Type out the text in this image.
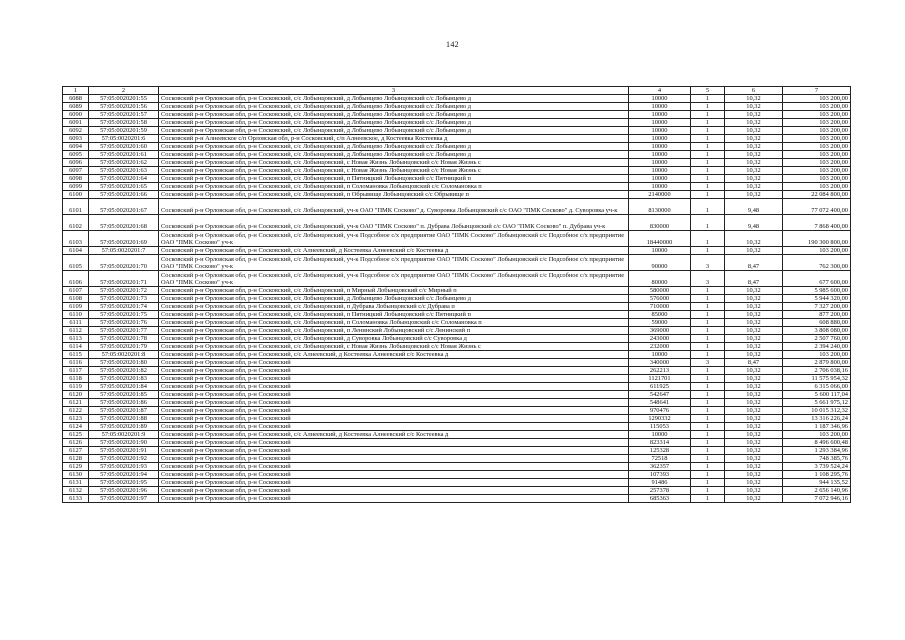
142
1	2	3	4	5	6	7
6088	57:05:0020201:55	Сосковский р-н Орловская обл, р-н Сосковский, с/с Лобынцовский, д Лобынцево Лобынцовский с/с Лобынцево д	10000	1	10,32	103 200,00
6089	57:05:0020201:56	Сосковский р-н Орловская обл, р-н Сосковский, с/с Лобынцовский, д Лобынцево Лобынцовский с/с Лобынцево д	10000	1	10,32	103 200,00
6090	57:05:0020201:57	Сосковский р-н Орловская обл, р-н Сосковский, с/с Лобынцовский, д Лобынцево Лобынцовский с/с Лобынцево д	10000	1	10,32	103 200,00
6091	57:05:0020201:58	Сосковский р-н Орловская обл, р-н Сосковский, с/с Лобынцовский, д Лобынцево Лобынцовский с/с Лобынцево д	10000	1	10,32	103 200,00
6092	57:05:0020201:59	Сосковский р-н Орловская обл, р-н Сосковский, с/с Лобынцовский, д Лобынцево Лобынцовский с/с Лобынцево д	10000	1	10,32	103 200,00
6093	57:05:0020201:6	Сосковский р-н Алнеевское с/п Орловская обл, р-н Сосковский, с/п Алнеевское, д Костеевка Костеевка д	10000	1	10,32	103 200,00
6094	57:05:0020201:60	Сосковский р-н Орловская обл, р-н Сосковский, с/с Лобынцовский, д Лобынцево Лобынцовский с/с Лобынцево д	10000	1	10,32	103 200,00
6095	57:05:0020201:61	Сосковский р-н Орловская обл, р-н Сосковский, с/с Лобынцовский, д Лобынцево Лобынцовский с/с Лобынцево д	10000	1	10,32	103 200,00
6096	57:05:0020201:62	Сосковский р-н Орловская обл, р-н Сосковский, с/с Лобынцовский, с Новая Жизнь Лобынцовский с/с Новая Жизнь с	10000	1	10,32	103 200,00
6097	57:05:0020201:63	Сосковский р-н Орловская обл, р-н Сосковский, с/с Лобынцовский, с Новая Жизнь Лобынцовский с/с Новая Жизнь с	10000	1	10,32	103 200,00
6098	57:05:0020201:64	Сосковский р-н Орловская обл, р-н Сосковский, с/с Лобынцовский, п Пятницкий Лобынцовский с/с Пятницкий п	10000	1	10,32	103 200,00
6099	57:05:0020201:65	Сосковский р-н Орловская обл, р-н Сосковский, с/с Лобынцовский, п Соломановка Лобынцовский с/с Соломановка п	10000	1	10,32	103 200,00
6100	57:05:0020201:66	Сосковский р-н Орловская обл, р-н Сосковский, с/с Лобынцовский, п Обрывище Лобынцовский с/с Обрывище п	2140000	1	10,32	22 084 800,00
6101	57:05:0020201:67	Сосковский р-н Орловская обл, р-н Сосковский, с/с Лобынцовский, уч-к ОАО "ПМК Сосково" д. Суворовка Лобынцовский с/с ОАО "ПМК Сосково" д. Суворовка уч-к	8130000	1	9,48	77 072 400,00
6102	57:05:0020201:68	Сосковский р-н Орловская обл, р-н Сосковский, с/с Лобынцовский, уч-к ОАО "ПМК Сосково" п. Дубрава Лобынцовский с/с ОАО "ПМК Сосково" п. Дубрава уч-к	830000	1	9,48	7 868 400,00
6103	57:05:0020201:69	Сосковский р-н Орловская обл, р-н Сосковский, с/с Лобынцовский, уч-к Подсобное с/х предприятие ОАО "ПМК Сосково" Лобынцовский с/с Подсобное с/х предприятие ОАО "ПМК Сосково" уч-к	18440000	1	10,32	190 300 800,00
6104	57:05:0020201:7	Сосковский р-н Орловская обл, р-н Сосковский, с/с Алнеевский, д Костеевка Алнеевский с/с Костеевка д	10000	1	10,32	103 200,00
6105	57:05:0020201:70	Сосковский р-н Орловская обл, р-н Сосковский, с/с Лобынцовский, уч-к Подсобное с/х предприятие ОАО "ПМК Сосково" Лобынцовский с/с Подсобное с/х предприятие ОАО "ПМК Сосково" уч-к	90000	3	8,47	762 300,00
6106	57:05:0020201:71	Сосковский р-н Орловская обл, р-н Сосковский, с/с Лобынцовский, уч-к Подсобное с/х предприятие ОАО "ПМК Сосково" Лобынцовский с/с Подсобное с/х предприятие ОАО "ПМК Сосково" уч-к	80000	3	8,47	677 600,00
6107	57:05:0020201:72	Сосковский р-н Орловская обл, р-н Сосковский, с/с Лобынцовский, п Мирный Лобынцовский с/с Мирный п	580000	1	10,32	5 985 600,00
6108	57:05:0020201:73	Сосковский р-н Орловская обл, р-н Сосковский, с/с Лобынцовский, д Лобынцево Лобынцовский с/с Лобынцево д	576000	1	10,32	5 944 320,00
6109	57:05:0020201:74	Сосковский р-н Орловская обл, р-н Сосковский, с/с Лобынцовский, п Дубрава Лобынцовский с/с Дубрава п	710000	1	10,32	7 327 200,00
6110	57:05:0020201:75	Сосковский р-н Орловская обл, р-н Сосковский, с/с Лобынцовский, п Пятницкий Лобынцовский с/с Пятницкий п	85000	1	10,32	877 200,00
6111	57:05:0020201:76	Сосковский р-н Орловская обл, р-н Сосковский, с/с Лобынцовский, п Соломановка Лобынцовский с/с Соломановка п	59000	1	10,32	608 880,00
6112	57:05:0020201:77	Сосковский р-н Орловская обл, р-н Сосковский, с/с Лобынцовский, п Ленинский Лобынцовский с/с Ленинский п	369000	1	10,32	3 808 080,00
6113	57:05:0020201:78	Сосковский р-н Орловская обл, р-н Сосковский, с/с Лобынцовский, д Суворовка Лобынцовский с/с Суворовка д	243000	1	10,32	2 507 760,00
6114	57:05:0020201:79	Сосковский р-н Орловская обл, р-н Сосковский, с/с Лобынцовский, с Новая Жизнь Лобынцовский с/с Новая Жизнь с	232000	1	10,32	2 394 240,00
6115	57:05:0020201:8	Сосковский р-н Орловская обл, р-н Сосковский, с/с Алнеевский, д Костеевка Алнеевский с/с Костеевка д	10000	1	10,32	103 200,00
6116	57:05:0020201:80	Сосковский р-н Орловская обл, р-н Сосковский	340000	3	8,47	2 879 800,00
6117	57:05:0020201:82	Сосковский р-н Орловская обл, р-н Сосковский	262213	1	10,32	2 706 038,16
6118	57:05:0020201:83	Сосковский р-н Орловская обл, р-н Сосковский	1121701	1	10,32	11 575 954,32
6119	57:05:0020201:84	Сосковский р-н Орловская обл, р-н Сосковский	611925	1	10,32	6 315 066,00
6120	57:05:0020201:85	Сосковский р-н Орловская обл, р-н Сосковский	542647	1	10,32	5 600 117,04
6121	57:05:0020201:86	Сосковский р-н Орловская обл, р-н Сосковский	548641	1	10,32	5 661 975,12
6122	57:05:0020201:87	Сосковский р-н Орловская обл, р-н Сосковский	970476	1	10,32	10 015 312,32
6123	57:05:0020201:88	Сосковский р-н Орловская обл, р-н Сосковский	1290332	1	10,32	13 316 226,24
6124	57:05:0020201:89	Сосковский р-н Орловская обл, р-н Сосковский	115053	1	10,32	1 187 346,96
6125	57:05:0020201:9	Сосковский р-н Орловская обл, р-н Сосковский, с/с Алнеевский, д Костеевка Алнеевский с/с Костеевка д	10000	1	10,32	103 200,00
6126	57:05:0020201:90	Сосковский р-н Орловская обл, р-н Сосковский	823314	1	10,32	8 496 600,48
6127	57:05:0020201:91	Сосковский р-н Орловская обл, р-н Сосковский	125328	1	10,32	1 293 384,96
6128	57:05:0020201:92	Сосковский р-н Орловская обл, р-н Сосковский	72518	1	10,32	748 385,76
6129	57:05:0020201:93	Сосковский р-н Орловская обл, р-н Сосковский	362357	1	10,32	3 739 524,24
6130	57:05:0020201:94	Сосковский р-н Орловская обл, р-н Сосковский	107393	1	10,32	1 108 295,76
6131	57:05:0020201:95	Сосковский р-н Орловская обл, р-н Сосковский	91486	1	10,32	944 135,52
6132	57:05:0020201:96	Сосковский р-н Орловская обл, р-н Сосковский	257378	1	10,32	2 656 140,96
6133	57:05:0020201:97	Сосковский р-н Орловская обл, р-н Сосковский	685363	1	10,32	7 072 946,16
